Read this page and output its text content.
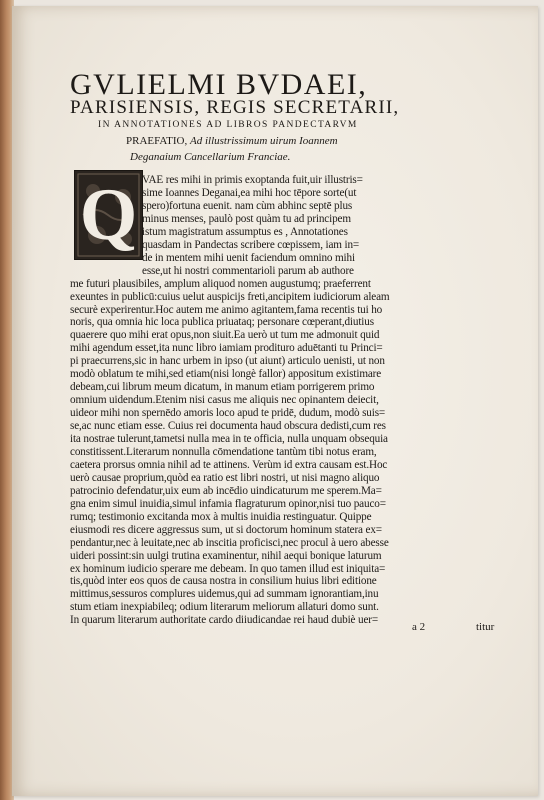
GVLIELMI BVDAEI,
PARISIENSIS, REGIS SECRETARII,
IN ANNOTATIONES AD LIBROS PANDECTARVM
PRAEFATIO, Ad illustrissimum uirum Ioannem
Deganaium Cancellarium Franciae.
Q VAE res mihi in primis exoptanda fuit,uir illustris=
sime Ioannes Deganai,ea mihi hoc tēpore sorte(ut
spero)fortuna euenit. nam cùm abhinc septē plus
minus menses, paulò post quàm tu ad principem
istum magistratum assumptus es , Annotationes
quasdam in Pandectas scribere cœpissem, iam in=
de in mentem mihi uenit faciendum omnino mihi
esse,ut hi nostri commentarioli parum ab authore
me futuri plausibiles, amplum aliquod nomen augustumq; praeferrent
exeuntes in publicū:cuius uelut auspicijs freti,ancipitem iudiciorum aleam
securè experirentur.Hoc autem me animo agitantem,fama recentis tui ho
noris, qua omnia hic loca publica priuataq; personare cœperant,diutius
quaerere quo mihi erat opus,non siuit.Ea uerò ut tum me admonuit quid
mihi agendum esset,ita nunc libro iamiam prodituro aduētanti tu Princi=
pi praecurrens,sic in hanc urbem in ipso (ut aiunt) articulo uenisti, ut non
modò oblatum te mihi,sed etiam(nisi longè fallor) appositum existimare
debeam,cui librum meum dicatum, in manum etiam porrigerem primo
omnium uidendum.Etenim nisi casus me aliquis nec opinantem deiecit,
uideor mihi non spernēdo amoris loco apud te pridē, dudum, modò suis=
se,ac nunc etiam esse. Cuius rei documenta haud obscura dedisti,cum res
ita nostrae tulerunt,tametsi nulla mea in te officia, nulla unquam obsequia
constitissent.Literarum nonnulla cōmendatione tantùm tibi notus eram,
caetera prorsus omnia nihil ad te attinens. Verùm id extra causam est.Hoc
uerò causae proprium,quòd ea ratio est libri nostri, ut nisi magno aliquo
patrocinio defendatur,uix eum ab incēdio uindicaturum me sperem.Ma=
gna enim simul inuidia,simul infamia flagraturum opinor,nisi tuo pauco=
rumq; testimonio excitanda mox à multis inuidia restinguatur. Quippe
eiusmodi res dicere aggressus sum, ut si doctorum hominum statera ex=
pendantur,nec à leuitate,nec ab inscitia proficisci,nec procul à uero abesse
uideri possint:sin uulgi trutina examinentur, nihil aequi bonique laturum
ex hominum iudicio sperare me debeam. In quo tamen illud est iniquita=
tis,quòd inter eos quos de causa nostra in consilium huius libri editione
mittimus,sessuros complures uidemus,qui ad summam ignorantiam,inu
stum etiam inexpiabileq; odium literarum meliorum allaturi domo sunt.
In quarum literarum authoritate cardo diiudicandae rei haud dubiè uer=
a 2	titur
